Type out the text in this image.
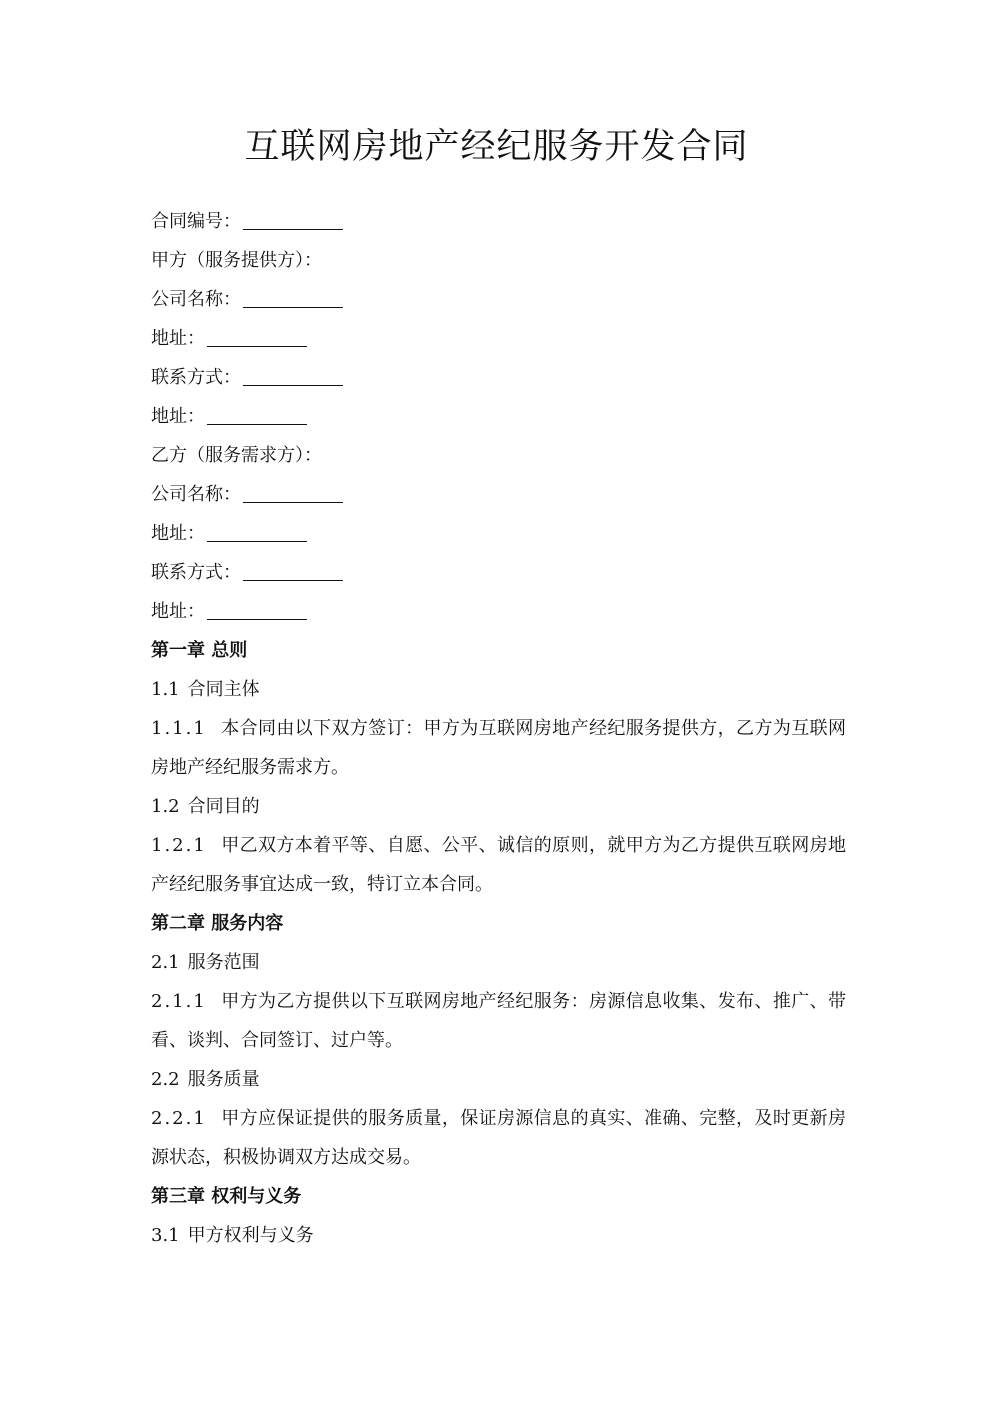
互联网房地产经纪服务开发合同
合同编号：
甲方（服务提供方）：
公司名称：
地址：
联系方式：
地址：
乙方（服务需求方）：
公司名称：
地址：
联系方式：
地址：
第一章 总则
1.1 合同主体
1.1.1 本合同由以下双方签订：甲方为互联网房地产经纪服务提供方，乙方为互联网房地产经纪服务需求方。
1.2 合同目的
1.2.1 甲乙双方本着平等、自愿、公平、诚信的原则，就甲方为乙方提供互联网房地产经纪服务事宜达成一致，特订立本合同。
第二章 服务内容
2.1 服务范围
2.1.1 甲方为乙方提供以下互联网房地产经纪服务：房源信息收集、发布、推广、带看、谈判、合同签订、过户等。
2.2 服务质量
2.2.1 甲方应保证提供的服务质量，保证房源信息的真实、准确、完整，及时更新房源状态，积极协调双方达成交易。
第三章 权利与义务
3.1 甲方权利与义务
